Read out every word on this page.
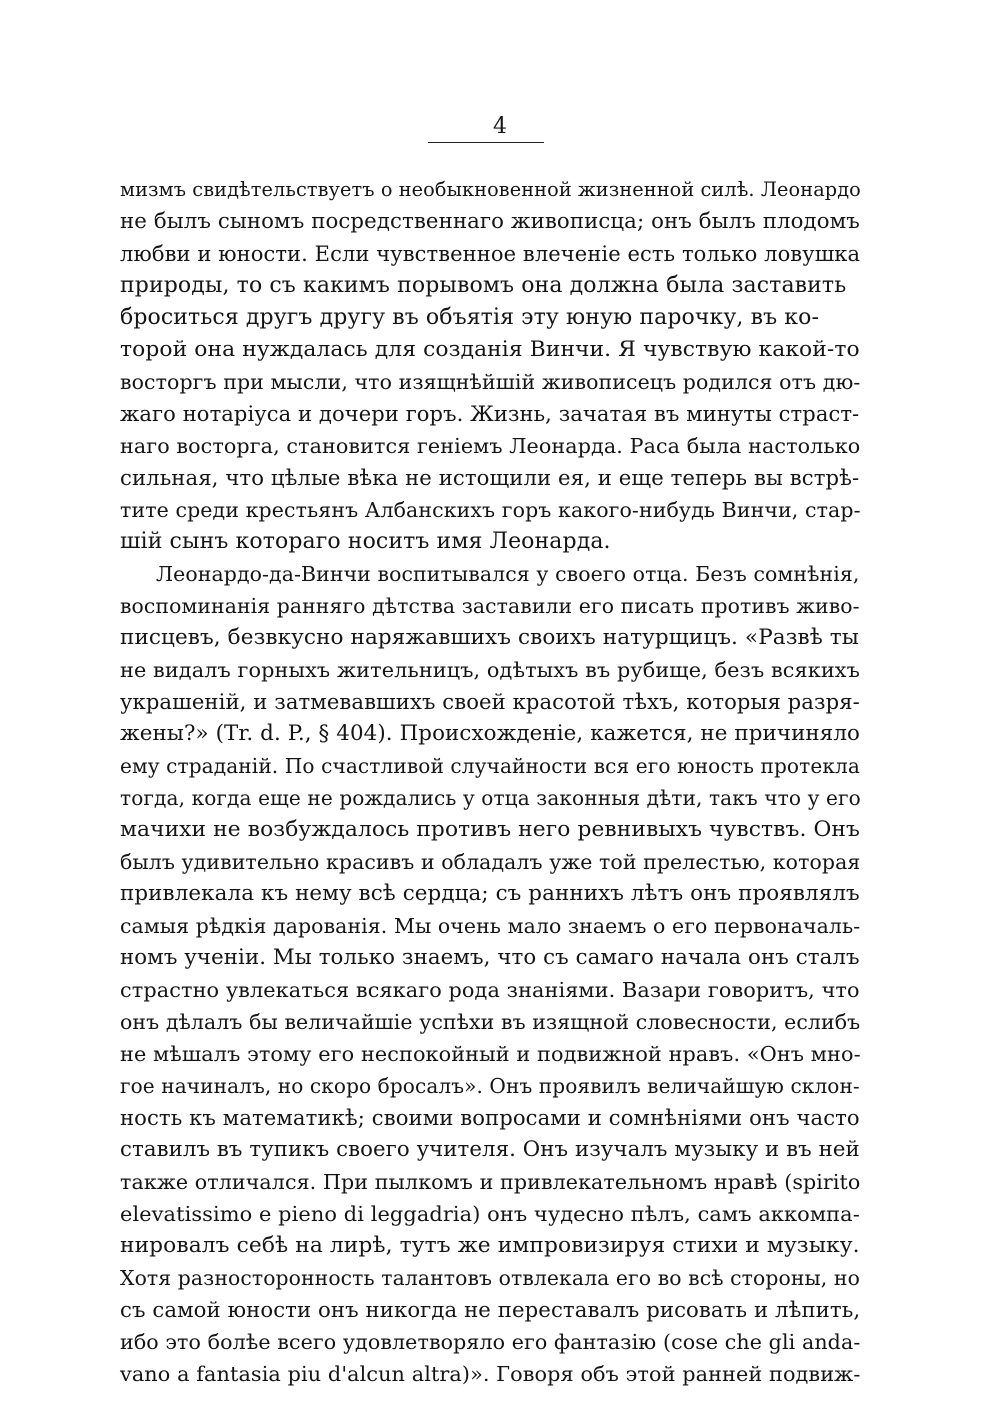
4
мизмъ свидѣтельствуетъ о необыкновенной жизненной силѣ. Леонардо
не былъ сыномъ посредственнаго живописца; онъ былъ плодомъ
любви и юности. Если чувственное влеченіе есть только ловушка
природы, то съ какимъ порывомъ она должна была заставить
броситься другъ другу въ объятія эту юную парочку, въ ко-
торой она нуждалась для созданія Винчи. Я чувствую какой-то
восторгъ при мысли, что изящнѣйшій живописецъ родился отъ дю-
жаго нотаріуса и дочери горъ. Жизнь, зачатая въ минуты страст-
наго восторга, становится геніемъ Леонарда. Раса была настолько
сильная, что цѣлые вѣка не истощили ея, и еще теперь вы встрѣ-
тите среди крестьянъ Албанскихъ горъ какого-нибудь Винчи, стар-
шій сынъ котораго носитъ имя Леонарда.
Леонардо-да-Винчи воспитывался у своего отца. Безъ сомнѣнія,
воспоминанія ранняго дѣтства заставили его писать противъ живо-
писцевъ, безвкусно наряжавшихъ своихъ натурщицъ. «Развѣ ты
не видалъ горныхъ жительницъ, одѣтыхъ въ рубище, безъ всякихъ
украшеній, и затмевавшихъ своей красотой тѣхъ, которыя разря-
жены?» (Tr. d. P., § 404). Происхожденіе, кажется, не причиняло
ему страданій. По счастливой случайности вся его юность протекла
тогда, когда еще не рождались у отца законныя дѣти, такъ что у его
мачихи не возбуждалось противъ него ревнивыхъ чувствъ. Онъ
былъ удивительно красивъ и обладалъ уже той прелестью, которая
привлекала къ нему всѣ сердца; съ раннихъ лѣтъ онъ проявлялъ
самыя рѣдкія дарованія. Мы очень мало знаемъ о его первоначаль-
номъ ученіи. Мы только знаемъ, что съ самаго начала онъ сталъ
страстно увлекаться всякаго рода знаніями. Вазари говоритъ, что
онъ дѣлалъ бы величайшіе успѣхи въ изящной словесности, еслибъ
не мѣшалъ этому его неспокойный и подвижной нравъ. «Онъ мно-
гое начиналъ, но скоро бросалъ». Онъ проявилъ величайшую склон-
ность къ математикѣ; своими вопросами и сомнѣніями онъ часто
ставилъ въ тупикъ своего учителя. Онъ изучалъ музыку и въ ней
также отличался. При пылкомъ и привлекательномъ нравѣ (spirito
elevatissimo e pieno di leggadria) онъ чудесно пѣлъ, самъ аккомпа-
нировалъ себѣ на лирѣ, тутъ же импровизируя стихи и музыку.
Хотя разносторонность талантовъ отвлекала его во всѣ стороны, но
съ самой юности онъ никогда не переставалъ рисовать и лѣпить,
ибо это болѣе всего удовлетворяло его фантазію (cose che gli anda-
vano a fantasia piu d'alcun altra)». Говоря объ этой ранней подвиж-
